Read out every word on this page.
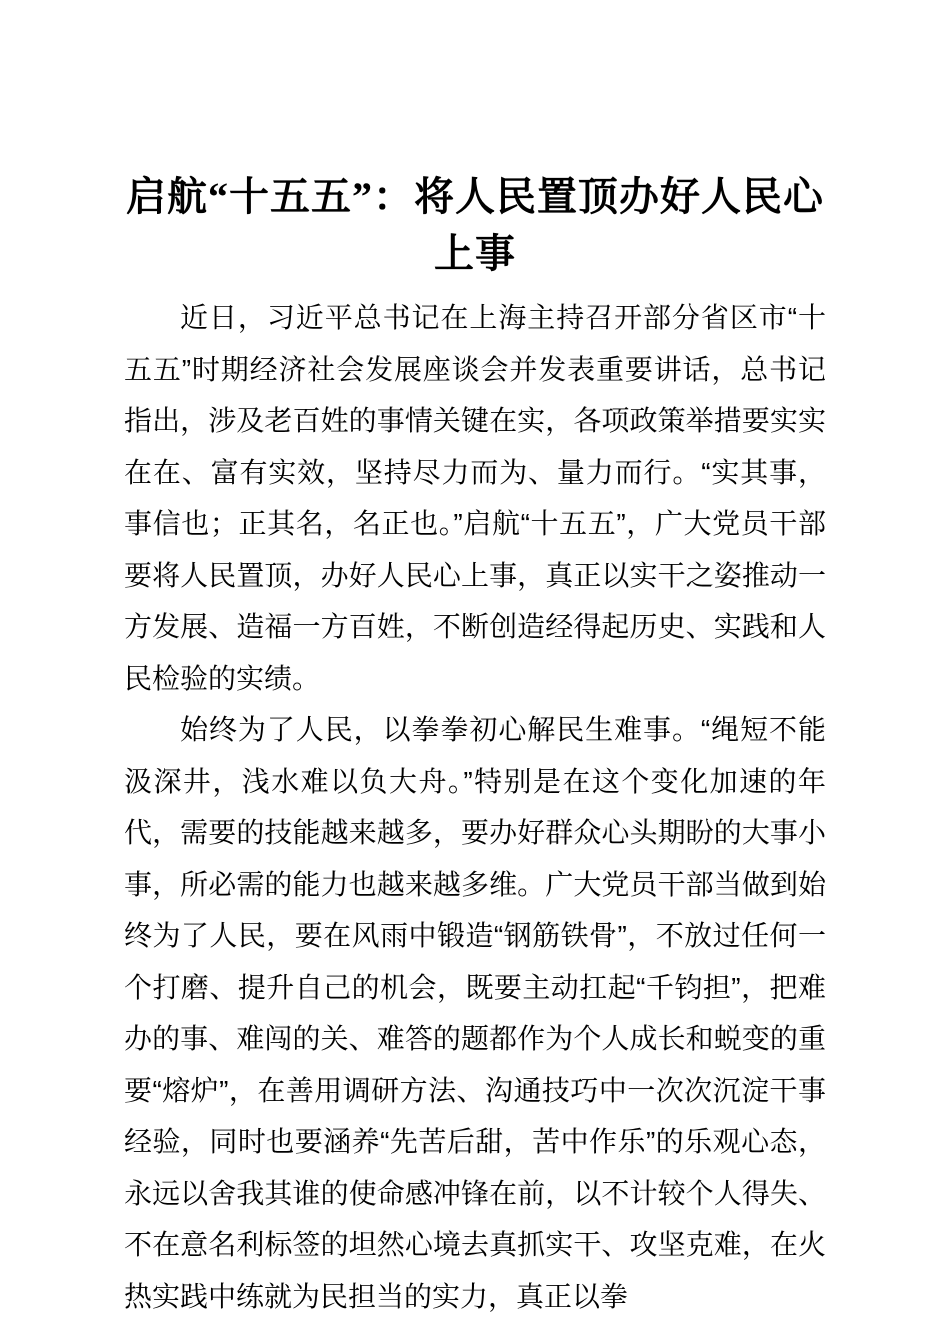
启航“十五五”：将人民置顶办好人民心上事

近日，习近平总书记在上海主持召开部分省区市“十五五”时期经济社会发展座谈会并发表重要讲话，总书记指出，涉及老百姓的事情关键在实，各项政策举措要实实在在、富有实效，坚持尽力而为、量力而行。“实其事，事信也；正其名，名正也。”启航“十五五”，广大党员干部要将人民置顶，办好人民心上事，真正以实干之姿推动一方发展、造福一方百姓，不断创造经得起历史、实践和人民检验的实绩。

始终为了人民，以拳拳初心解民生难事。“绳短不能汲深井，浅水难以负大舟。”特别是在这个变化加速的年代，需要的技能越来越多，要办好群众心头期盼的大事小事，所必需的能力也越来越多维。广大党员干部当做到始终为了人民，要在风雨中锻造“钢筋铁骨”，不放过任何一个打磨、提升自己的机会，既要主动扛起“千钧担”，把难办的事、难闯的关、难答的题都作为个人成长和蜕变的重要“熔炉”，在善用调研方法、沟通技巧中一次次沉淀干事经验，同时也要涵养“先苦后甜，苦中作乐”的乐观心态，永远以舍我其谁的使命感冲锋在前，以不计较个人得失、不在意名利标签的坦然心境去真抓实干、攻坚克难，在火热实践中练就为民担当的实力，真正以拳
